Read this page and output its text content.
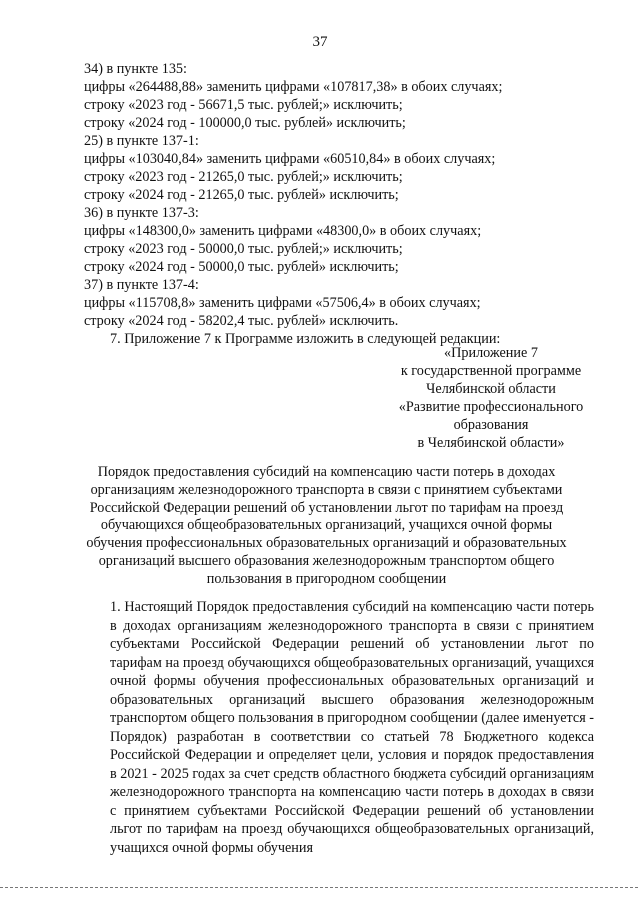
37
34) в пункте 135:
цифры «264488,88» заменить цифрами «107817,38» в обоих случаях;
строку «2023 год - 56671,5 тыс. рублей;» исключить;
строку «2024 год - 100000,0 тыс. рублей» исключить;
25) в пункте 137-1:
цифры «103040,84» заменить цифрами «60510,84» в обоих случаях;
строку «2023 год - 21265,0 тыс. рублей;» исключить;
строку «2024 год - 21265,0 тыс. рублей» исключить;
36) в пункте 137-3:
цифры «148300,0» заменить цифрами «48300,0» в обоих случаях;
строку «2023 год - 50000,0 тыс. рублей;» исключить;
строку «2024 год - 50000,0 тыс. рублей» исключить;
37) в пункте 137-4:
цифры «115708,8» заменить цифрами «57506,4» в обоих случаях;
строку «2024 год - 58202,4 тыс. рублей» исключить.
7. Приложение 7 к Программе изложить в следующей редакции:
«Приложение 7
к государственной программе
Челябинской области
«Развитие профессионального
образования
в Челябинской области»
Порядок предоставления субсидий на компенсацию части потерь в доходах
организациям железнодорожного транспорта в связи с принятием субъектами
Российской Федерации решений об установлении льгот по тарифам на проезд
обучающихся общеобразовательных организаций, учащихся очной формы
обучения профессиональных образовательных организаций и образовательных
организаций высшего образования железнодорожным транспортом общего
пользования в пригородном сообщении
1. Настоящий Порядок предоставления субсидий на компенсацию части потерь в доходах организациям железнодорожного транспорта в связи с принятием субъектами Российской Федерации решений об установлении льгот по тарифам на проезд обучающихся общеобразовательных организаций, учащихся очной формы обучения профессиональных образовательных организаций и образовательных организаций высшего образования железнодорожным транспортом общего пользования в пригородном сообщении (далее именуется - Порядок) разработан в соответствии со статьей 78 Бюджетного кодекса Российской Федерации и определяет цели, условия и порядок предоставления в 2021 - 2025 годах за счет средств областного бюджета субсидий организациям железнодорожного транспорта на компенсацию части потерь в доходах в связи с принятием субъектами Российской Федерации решений об установлении льгот по тарифам на проезд обучающихся общеобразовательных организаций, учащихся очной формы обучения
